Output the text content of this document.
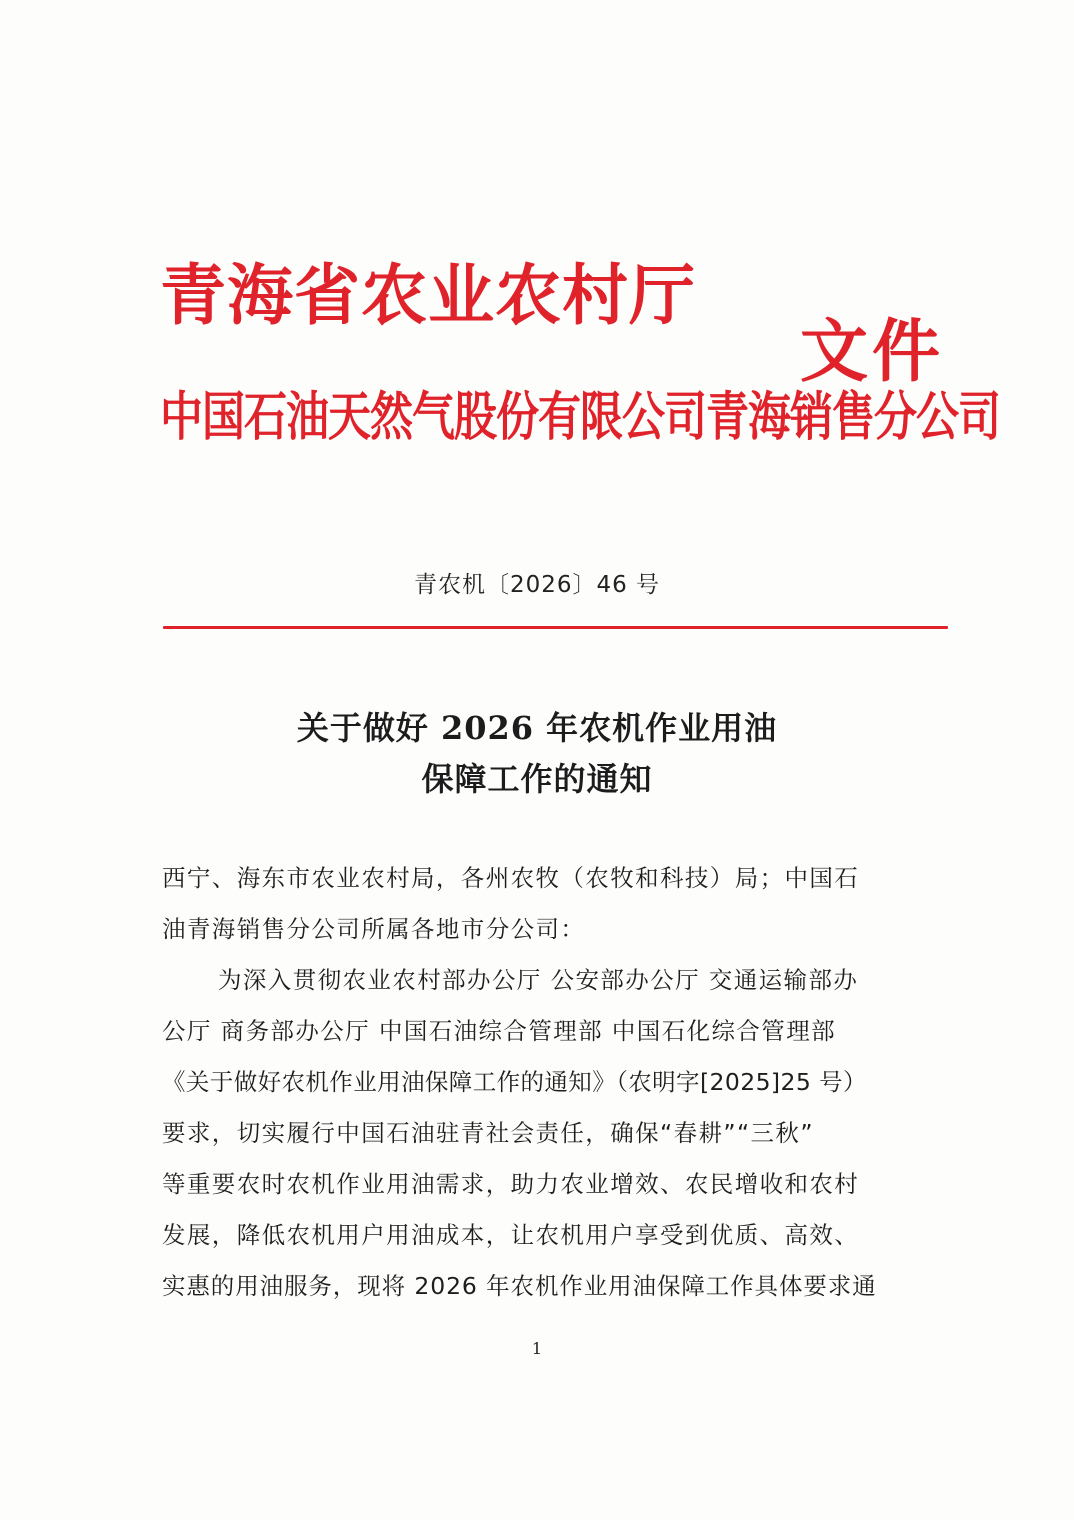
青海省农业农村厅
中国石油天然气股份有限公司青海销售分公司
文件
青农机〔2026〕46 号
关于做好 2026 年农机作业用油
保障工作的通知
西宁、海东市农业农村局，各州农牧（农牧和科技）局；中国石
油青海销售分公司所属各地市分公司：
为深入贯彻农业农村部办公厅 公安部办公厅 交通运输部办
公厅 商务部办公厅 中国石油综合管理部 中国石化综合管理部
《关于做好农机作业用油保障工作的通知》（农明字[2025]25 号）
要求，切实履行中国石油驻青社会责任，确保“春耕”“三秋”
等重要农时农机作业用油需求，助力农业增效、农民增收和农村
发展，降低农机用户用油成本，让农机用户享受到优质、高效、
实惠的用油服务，现将 2026 年农机作业用油保障工作具体要求通
1
